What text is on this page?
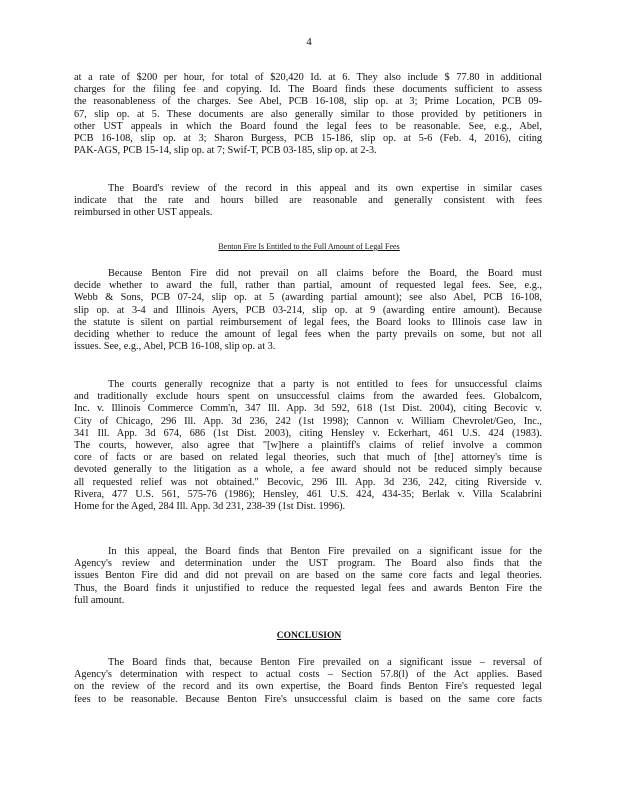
4
at a rate of $200 per hour, for total of $20,420 Id. at 6. They also include $ 77.80 in additional
charges for the filing fee and copying. Id. The Board finds these documents sufficient to assess
the reasonableness of the charges. See Abel, PCB 16-108, slip op. at 3; Prime Location, PCB 09-
67, slip op. at 5. These documents are also generally similar to those provided by petitioners in
other UST appeals in which the Board found the legal fees to be reasonable. See, e.g., Abel,
PCB 16-108, slip op. at 3; Sharon Burgess, PCB 15-186, slip op. at 5-6 (Feb. 4, 2016), citing
PAK-AGS, PCB 15-14, slip op. at 7; Swif-T, PCB 03-185, slip op. at 2-3.
The Board's review of the record in this appeal and its own expertise in similar cases
indicate that the rate and hours billed are reasonable and generally consistent with fees
reimbursed in other UST appeals.
Benton Fire Is Entitled to the Full Amount of Legal Fees
Because Benton Fire did not prevail on all claims before the Board, the Board must
decide whether to award the full, rather than partial, amount of requested legal fees. See, e.g.,
Webb & Sons, PCB 07-24, slip op. at 5 (awarding partial amount); see also Abel, PCB 16-108,
slip op. at 3-4 and Illinois Ayers, PCB 03-214, slip op. at 9 (awarding entire amount). Because
the statute is silent on partial reimbursement of legal fees, the Board looks to Illinois case law in
deciding whether to reduce the amount of legal fees when the party prevails on some, but not all
issues. See, e.g., Abel, PCB 16-108, slip op. at 3.
The courts generally recognize that a party is not entitled to fees for unsuccessful claims
and traditionally exclude hours spent on unsuccessful claims from the awarded fees. Globalcom,
Inc. v. Illinois Commerce Comm'n, 347 Ill. App. 3d 592, 618 (1st Dist. 2004), citing Becovic v.
City of Chicago, 296 Ill. App. 3d 236, 242 (1st 1998); Cannon v. William Chevrolet/Geo, Inc.,
341 Ill. App. 3d 674, 686 (1st Dist. 2003), citing Hensley v. Eckerhart, 461 U.S. 424 (1983).
The courts, however, also agree that "[w]here a plaintiff's claims of relief involve a common
core of facts or are based on related legal theories, such that much of [the] attorney's time is
devoted generally to the litigation as a whole, a fee award should not be reduced simply because
all requested relief was not obtained." Becovic, 296 Ill. App. 3d 236, 242, citing Riverside v.
Rivera, 477 U.S. 561, 575-76 (1986); Hensley, 461 U.S. 424, 434-35; Berlak v. Villa Scalabrini
Home for the Aged, 284 Ill. App. 3d 231, 238-39 (1st Dist. 1996).
In this appeal, the Board finds that Benton Fire prevailed on a significant issue for the
Agency's review and determination under the UST program. The Board also finds that the
issues Benton Fire did and did not prevail on are based on the same core facts and legal theories.
Thus, the Board finds it unjustified to reduce the requested legal fees and awards Benton Fire the
full amount.
CONCLUSION
The Board finds that, because Benton Fire prevailed on a significant issue – reversal of
Agency's determination with respect to actual costs – Section 57.8(l) of the Act applies. Based
on the review of the record and its own expertise, the Board finds Benton Fire's requested legal
fees to be reasonable. Because Benton Fire's unsuccessful claim is based on the same core facts
